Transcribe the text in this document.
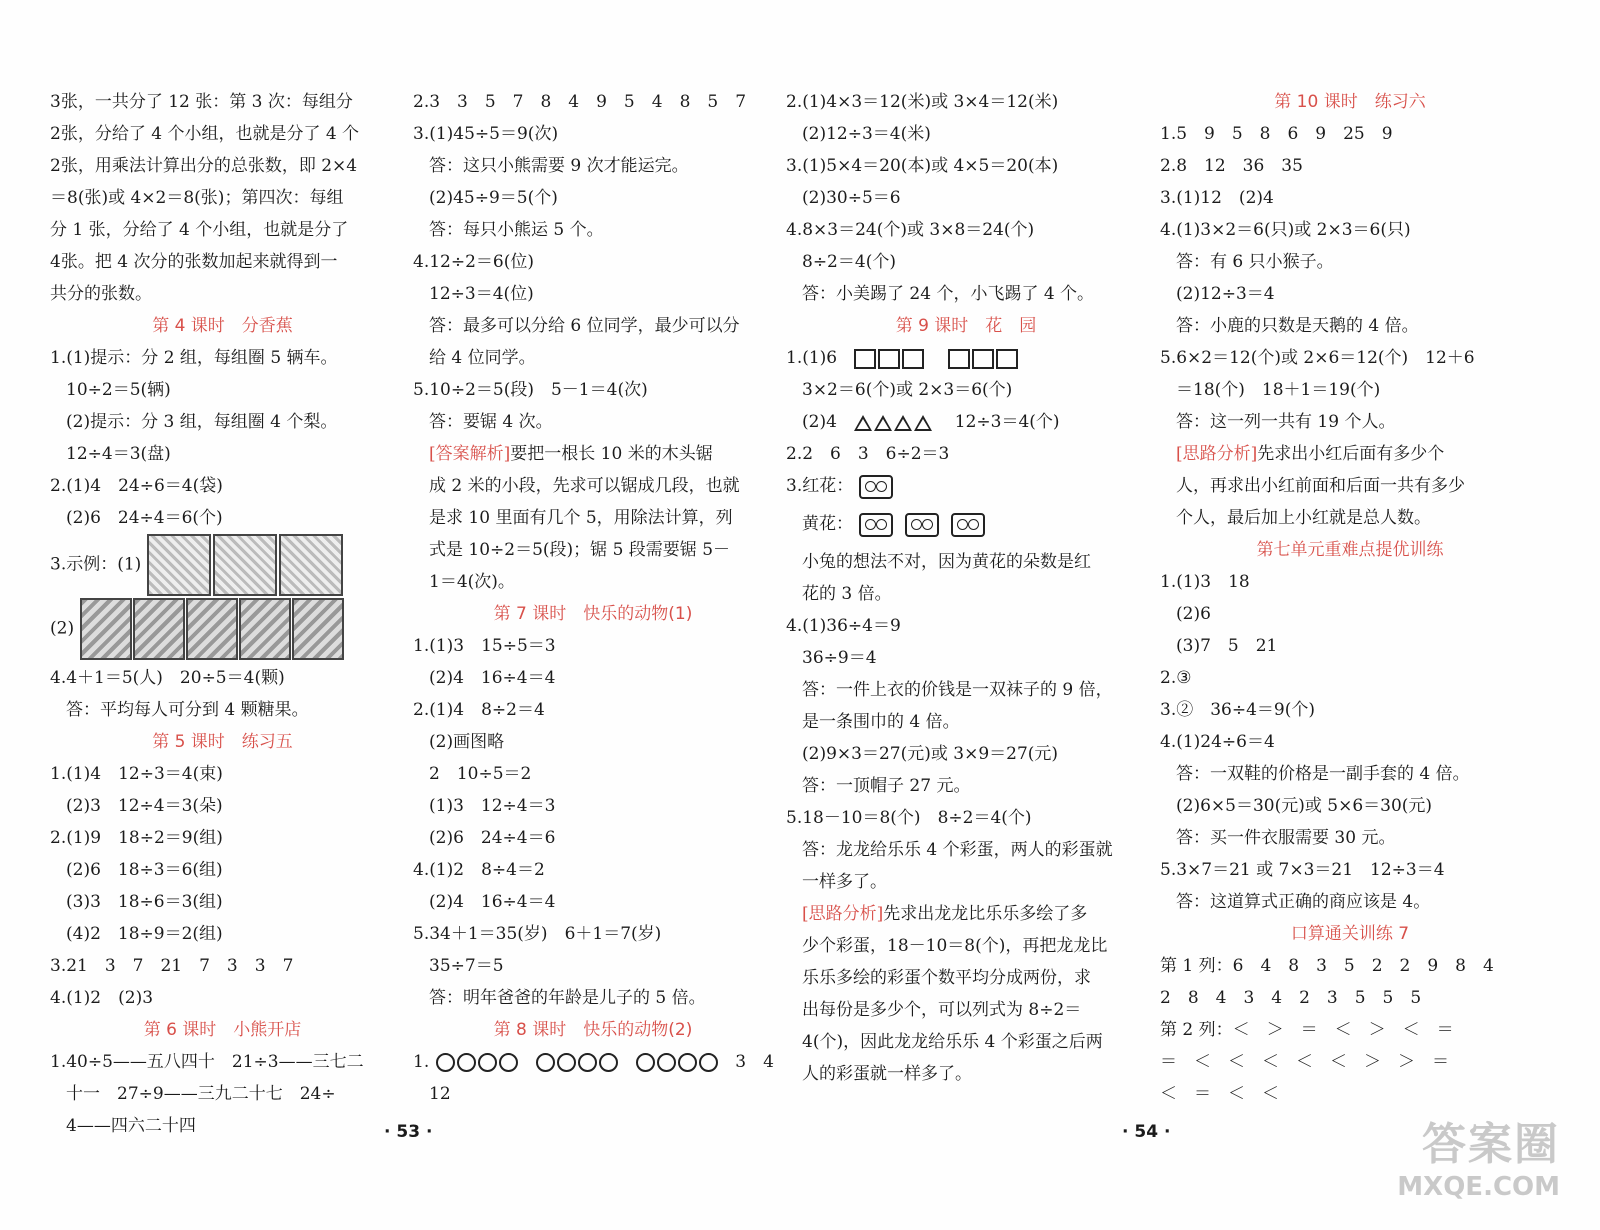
3张，一共分了 12 张：第 3 次：每组分
2张，分给了 4 个小组，也就是分了 4 个
2张，用乘法计算出分的总张数，即 2×4
＝8(张)或 4×2＝8(张)；第四次：每组
分 1 张，分给了 4 个小组，也就是分了
4张。把 4 次分的张数加起来就得到一
共分的张数。
第 4 课时　分香蕉
1.(1)提示：分 2 组，每组圈 5 辆车。
10÷2＝5(辆)
(2)提示：分 3 组，每组圈 4 个梨。
12÷4＝3(盘)
2.(1)4　24÷6＝4(袋)
(2)6　24÷4＝6(个)
3.示例：(1)
(2)
4.4＋1＝5(人)　20÷5＝4(颗)
答：平均每人可分到 4 颗糖果。
第 5 课时　练习五
1.(1)4　12÷3＝4(束)
(2)3　12÷4＝3(朵)
2.(1)9　18÷2＝9(组)
(2)6　18÷3＝6(组)
(3)3　18÷6＝3(组)
(4)2　18÷9＝2(组)
3.21　3　7　21　7　3　3　7
4.(1)2　(2)3
第 6 课时　小熊开店
1.40÷5——五八四十　21÷3——三七二
十一　27÷9——三九二十七　24÷
4——四六二十四
2.3　3　5　7　8　4　9　5　4　8　5　7
3.(1)45÷5＝9(次)
答：这只小熊需要 9 次才能运完。
(2)45÷9＝5(个)
答：每只小熊运 5 个。
4.12÷2＝6(位)
12÷3＝4(位)
答：最多可以分给 6 位同学，最少可以分
给 4 位同学。
5.10÷2＝5(段)　5－1＝4(次)
答：要锯 4 次。
[答案解析]要把一根长 10 米的木头锯
成 2 米的小段，先求可以锯成几段，也就
是求 10 里面有几个 5，用除法计算，列
式是 10÷2＝5(段)；锯 5 段需要锯 5－
1＝4(次)。
第 7 课时　快乐的动物(1)
1.(1)3　15÷5＝3
(2)4　16÷4＝4
2.(1)4　8÷2＝4
(2)画图略
2　10÷5＝2
(1)3　12÷4＝3
(2)6　24÷4＝6
4.(1)2　8÷4＝2
(2)4　16÷4＝4
5.34＋1＝35(岁)　6＋1＝7(岁)
35÷7＝5
答：明年爸爸的年龄是儿子的 5 倍。
第 8 课时　快乐的动物(2)
1.	3　4
12
2.(1)4×3＝12(米)或 3×4＝12(米)
(2)12÷3＝4(米)
3.(1)5×4＝20(本)或 4×5＝20(本)
(2)30÷5＝6
4.8×3＝24(个)或 3×8＝24(个)
8÷2＝4(个)
答：小美踢了 24 个，小飞踢了 4 个。
第 9 课时　花　园
1.(1)6
3×2＝6(个)或 2×3＝6(个)
(2)4	12÷3＝4(个)
2.2　6　3　6÷2＝3
3.红花：
黄花：
小兔的想法不对，因为黄花的朵数是红
花的 3 倍。
4.(1)36÷4＝9
36÷9＝4
答：一件上衣的价钱是一双袜子的 9 倍，
是一条围巾的 4 倍。
(2)9×3＝27(元)或 3×9＝27(元)
答：一顶帽子 27 元。
5.18－10＝8(个)　8÷2＝4(个)
答：龙龙给乐乐 4 个彩蛋，两人的彩蛋就
一样多了。
[思路分析]先求出龙龙比乐乐多绘了多
少个彩蛋，18－10＝8(个)，再把龙龙比
乐乐多绘的彩蛋个数平均分成两份，求
出每份是多少个，可以列式为 8÷2＝
4(个)，因此龙龙给乐乐 4 个彩蛋之后两
人的彩蛋就一样多了。
第 10 课时　练习六
1.5　9　5　8　6　9　25　9
2.8　12　36　35
3.(1)12　(2)4
4.(1)3×2＝6(只)或 2×3＝6(只)
答：有 6 只小猴子。
(2)12÷3＝4
答：小鹿的只数是天鹅的 4 倍。
5.6×2＝12(个)或 2×6＝12(个)　12＋6
＝18(个)　18＋1＝19(个)
答：这一列一共有 19 个人。
[思路分析]先求出小红后面有多少个
人，再求出小红前面和后面一共有多少
个人，最后加上小红就是总人数。
第七单元重难点提优训练
1.(1)3　18
(2)6
(3)7　5　21
2.③
3.②　36÷4＝9(个)
4.(1)24÷6＝4
答：一双鞋的价格是一副手套的 4 倍。
(2)6×5＝30(元)或 5×6＝30(元)
答：买一件衣服需要 30 元。
5.3×7＝21 或 7×3＝21　12÷3＝4
答：这道算式正确的商应该是 4。
口算通关训练 7
第 1 列：6　4　8　3　5　2　2　9　8　4
2　8　4　3　4　2　3　5　5　5
第 2 列：＜　＞　＝　＜　＞　＜　＝
＝　＜　＜　＜　＜　＜　＞　＞　＝
＜　＝　＜　＜
· 53 ·	· 54 ·	答案圈
MXQE.COM
